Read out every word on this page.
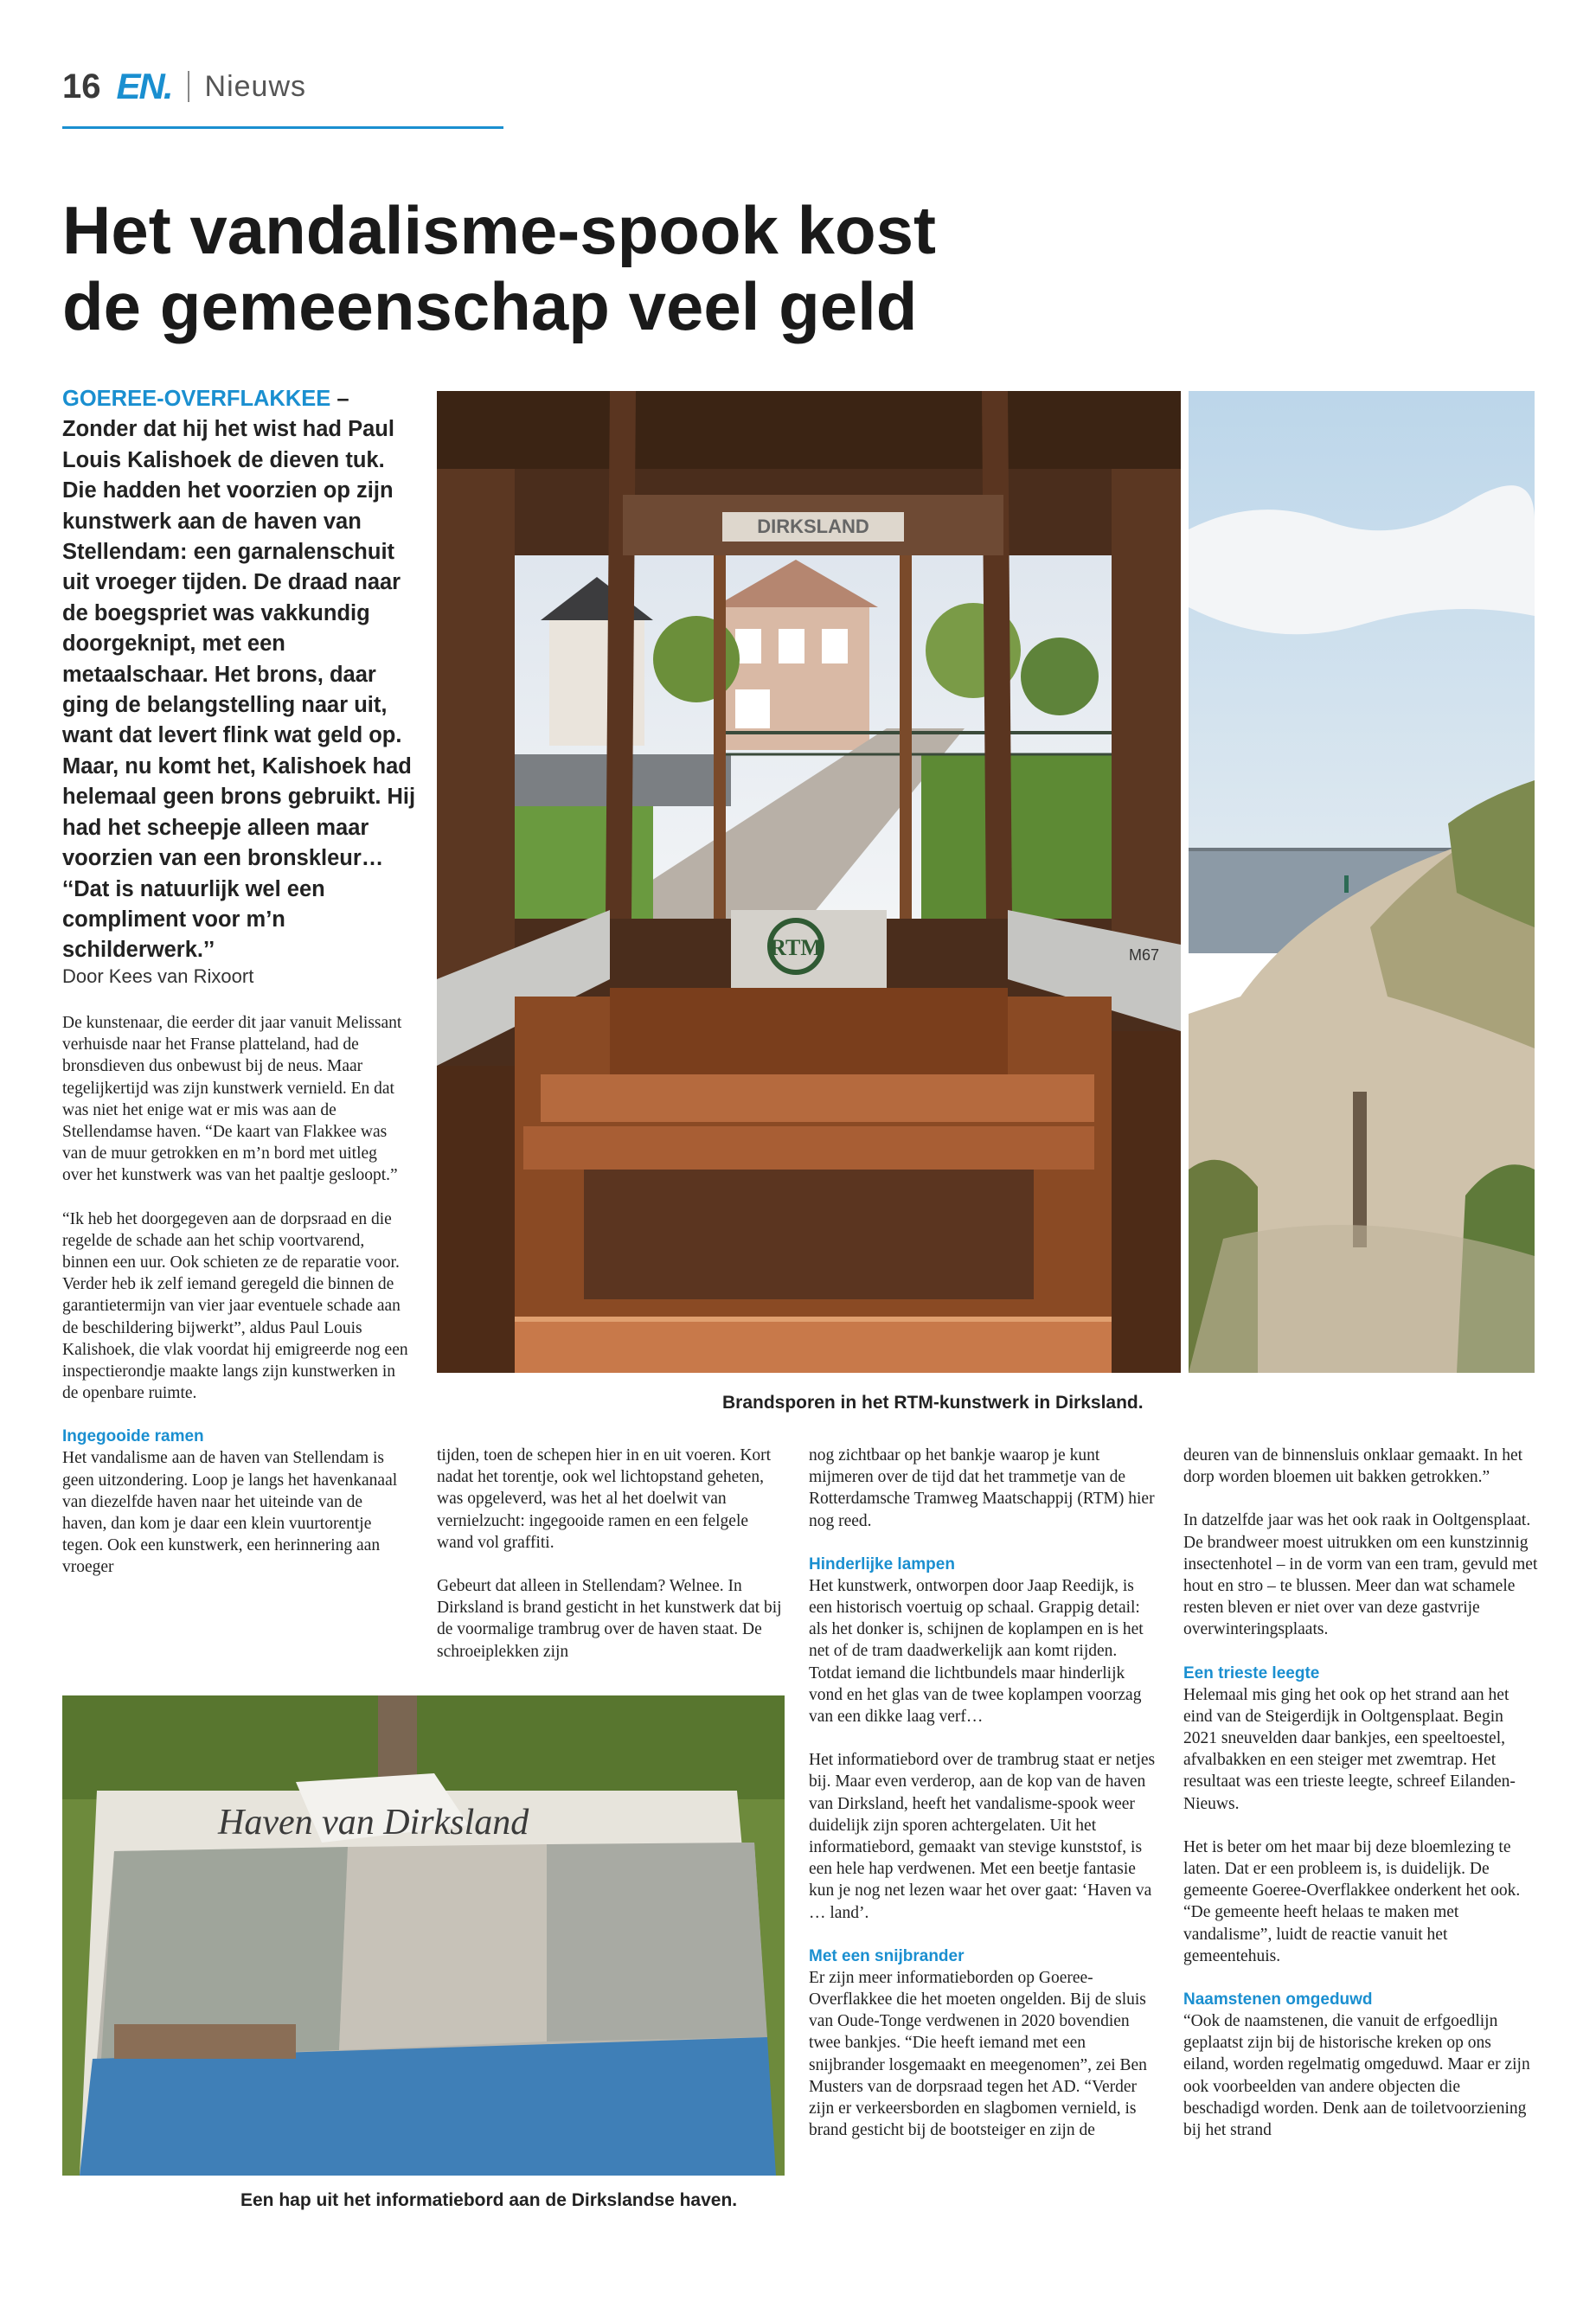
16 EN. Nieuws
Het vandalisme-spook kost
de gemeenschap veel geld

GOEREE-OVERFLAKKEE –
Zonder dat hij het wist had Paul Louis Kalishoek de dieven tuk. Die hadden het voorzien op zijn kunstwerk aan de haven van Stellendam: een garnalenschuit uit vroeger tijden. De draad naar de boegspriet was vakkundig doorgeknipt, met een metaalschaar. Het brons, daar ging de belangstelling naar uit, want dat levert flink wat geld op. Maar, nu komt het, Kalishoek had helemaal geen brons gebruikt. Hij had het scheepje alleen maar voorzien van een bronskleur… ‘‘Dat is natuurlijk wel een compliment voor m’n schilderwerk.’’

Door Kees van Rixoort

De kunstenaar, die eerder dit jaar vanuit Melissant verhuisde naar het Franse platteland, had de bronsdieven dus onbewust bij de neus. Maar tegelijkertijd was zijn kunstwerk vernield. En dat was niet het enige wat er mis was aan de Stellendamse haven. “De kaart van Flakkee was van de muur getrokken en m’n bord met uitleg over het kunstwerk was van het paaltje gesloopt.”

“Ik heb het doorgegeven aan de dorpsraad en die regelde de schade aan het schip voortvarend, binnen een uur. Ook schieten ze de reparatie voor. Verder heb ik zelf iemand geregeld die binnen de garantietermijn van vier jaar eventuele schade aan de beschildering bijwerkt”, aldus Paul Louis Kalishoek, die vlak voordat hij emigreerde nog een inspectierondje maakte langs zijn kunstwerken in de openbare ruimte.

Ingegooide ramen

Het vandalisme aan de haven van Stellendam is geen uitzondering. Loop je langs het havenkanaal van diezelfde haven naar het uiteinde van de haven, dan kom je daar een klein vuurtorentje tegen. Ook een kunstwerk, een herinnering aan vroeger

tijden, toen de schepen hier in en uit voeren. Kort nadat het torentje, ook wel lichtopstand geheten, was opgeleverd, was het al het doelwit van vernielzucht: ingegooide ramen en een felgele wand vol graffiti.

Gebeurt dat alleen in Stellendam? Welnee. In Dirksland is brand gesticht in het kunstwerk dat bij de voormalige trambrug over de haven staat. De schroeiplekken zijn

nog zichtbaar op het bankje waarop je kunt mijmeren over de tijd dat het trammetje van de Rotterdamsche Tramweg Maatschappij (RTM) hier nog reed.

Hinderlijke lampen

Het kunstwerk, ontworpen door Jaap Reedijk, is een historisch voertuig op schaal. Grappig detail: als het donker is, schijnen de koplampen en is het net of de tram daadwerkelijk aan komt rijden. Totdat iemand die lichtbundels maar hinderlijk vond en het glas van de twee koplampen voorzag van een dikke laag verf…

Het informatiebord over de trambrug staat er netjes bij. Maar even verderop, aan de kop van de haven van Dirksland, heeft het vandalisme-spook weer duidelijk zijn sporen achtergelaten. Uit het informatiebord, gemaakt van stevige kunststof, is een hele hap verdwenen. Met een beetje fantasie kun je nog net lezen waar het over gaat: ‘Haven va … land’.

Met een snijbrander

Er zijn meer informatieborden op Goeree-Overflakkee die het moeten ongelden. Bij de sluis van Oude-Tonge verdwenen in 2020 bovendien twee bankjes. “Die heeft iemand met een snijbrander losgemaakt en meegenomen”, zei Ben Musters van de dorpsraad tegen het AD. “Verder zijn er verkeersborden en slagbomen vernield, is brand gesticht bij de bootsteiger en zijn de

deuren van de binnensluis onklaar gemaakt. In het dorp worden bloemen uit bakken getrokken.”

In datzelfde jaar was het ook raak in Ooltgensplaat. De brandweer moest uitrukken om een kunstzinnig insectenhotel – in de vorm van een tram, gevuld met hout en stro – te blussen. Meer dan wat schamele resten bleven er niet over van deze gastvrije overwinteringsplaats.

Een trieste leegte

Helemaal mis ging het ook op het strand aan het eind van de Steigerdijk in Ooltgensplaat. Begin 2021 sneuvelden daar bankjes, een speeltoestel, afvalbakken en een steiger met zwemtrap. Het resultaat was een trieste leegte, schreef Eilanden-Nieuws.

Het is beter om het maar bij deze bloemlezing te laten. Dat er een probleem is, is duidelijk. De gemeente Goeree-Overflakkee onderkent het ook. “De gemeente heeft helaas te maken met vandalisme”, luidt de reactie vanuit het gemeentehuis.

Naamstenen omgeduwd

“Ook de naamstenen, die vanuit de erfgoedlijn geplaatst zijn bij de historische kreken op ons eiland, worden regelmatig omgeduwd. Maar er zijn ook voorbeelden van andere objecten die beschadigd worden. Denk aan de toiletvoorziening bij het strand

DIRKSLAND
M67
RTM
Brandsporen in het RTM-kunstwerk in Dirksland.
Haven van Dirksland
Een hap uit het informatiebord aan de Dirkslandse haven.
